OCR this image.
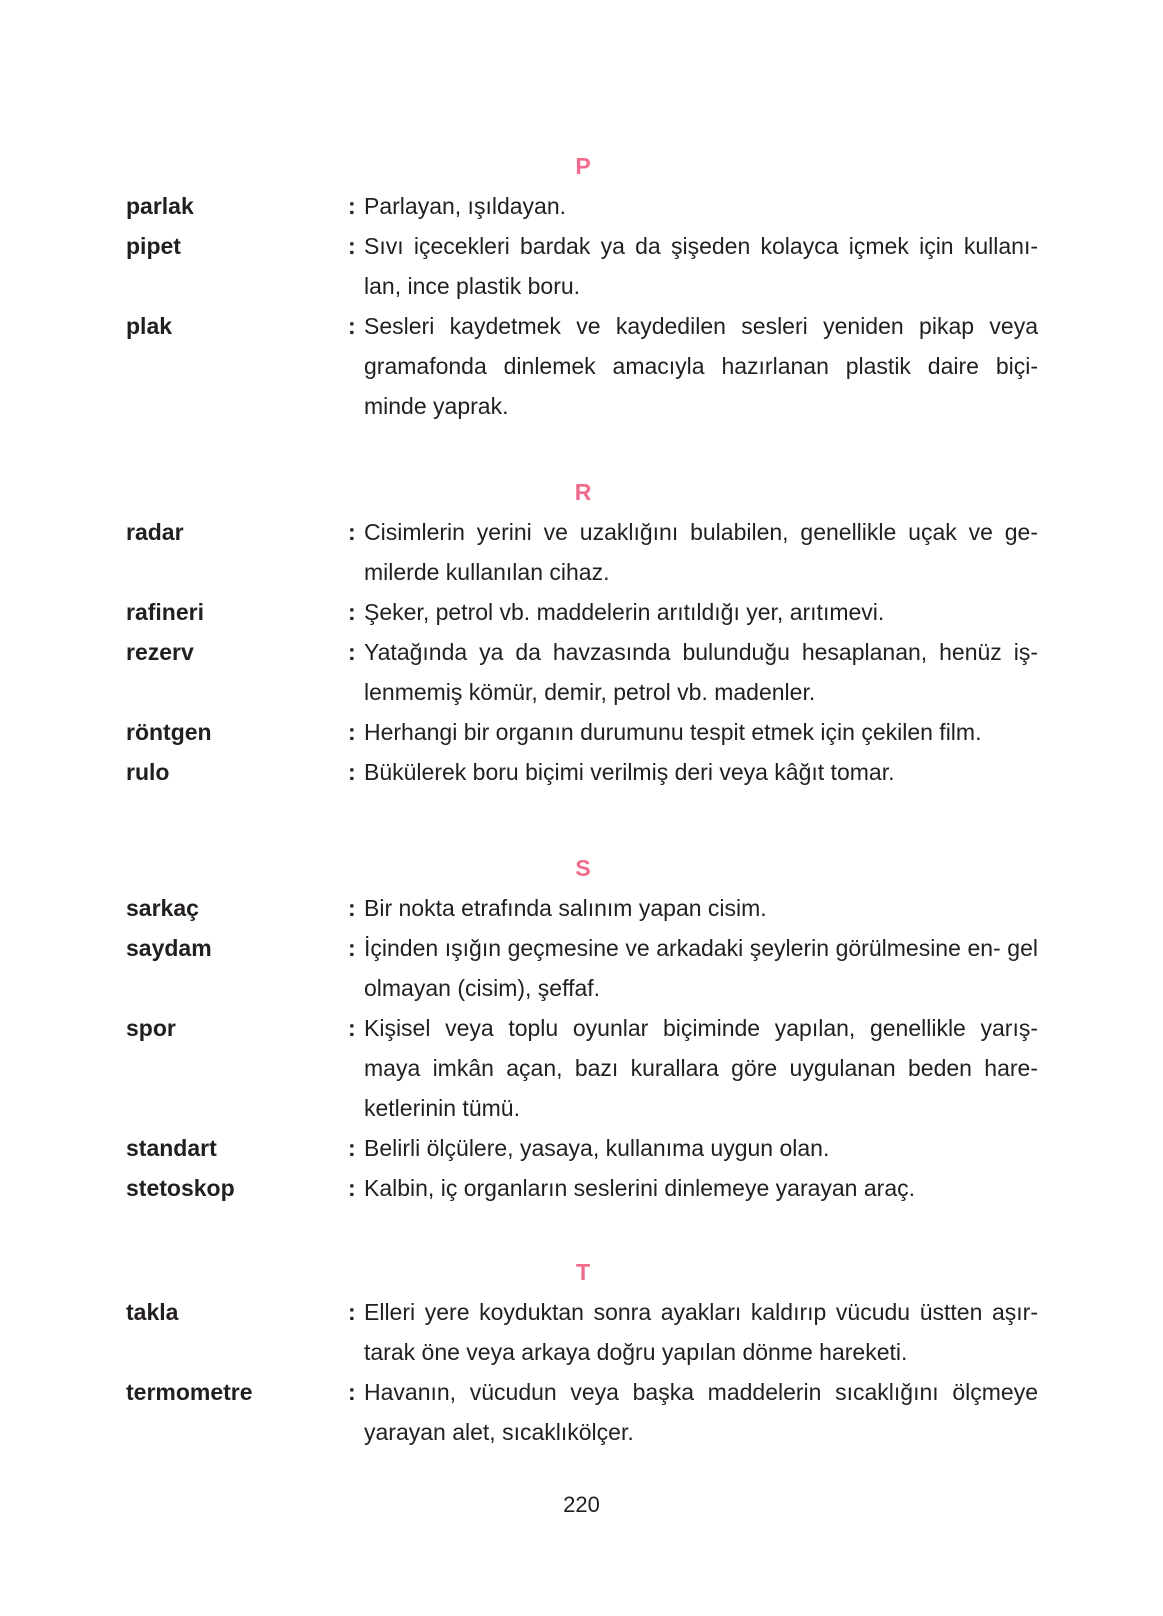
P
parlak	: Parlayan, ışıldayan.
pipet	: Sıvı içecekleri bardak ya da şişeden kolayca içmek için kullanı- lan, ince plastik boru.
plak	: Sesleri kaydetmek ve kaydedilen sesleri yeniden pikap veya gramafonda dinlemek amacıyla hazırlanan plastik daire biçi- minde yaprak.
R
radar	: Cisimlerin yerini ve uzaklığını bulabilen, genellikle uçak ve ge- milerde kullanılan cihaz.
rafineri	: Şeker, petrol vb. maddelerin arıtıldığı yer, arıtımevi.
rezerv	: Yatağında ya da havzasında bulunduğu hesaplanan, henüz iş- lenmemiş kömür, demir, petrol vb. madenler.
röntgen	: Herhangi bir organın durumunu tespit etmek için çekilen film.
rulo	: Bükülerek boru biçimi verilmiş deri veya kâğıt tomar.
S
sarkaç	: Bir nokta etrafında salınım yapan cisim.
saydam	: İçinden ışığın geçmesine ve arkadaki şeylerin görülmesine en- gel olmayan (cisim), şeffaf.
spor	: Kişisel veya toplu oyunlar biçiminde yapılan, genellikle yarış- maya imkân açan, bazı kurallara göre uygulanan beden hare- ketlerinin tümü.
standart	: Belirli ölçülere, yasaya, kullanıma uygun olan.
stetoskop	: Kalbin, iç organların seslerini dinlemeye yarayan araç.
T
takla	: Elleri yere koyduktan sonra ayakları kaldırıp vücudu üstten aşır- tarak öne veya arkaya doğru yapılan dönme hareketi.
termometre	: Havanın, vücudun veya başka maddelerin sıcaklığını ölçmeye yarayan alet, sıcaklıkölçer.
220
